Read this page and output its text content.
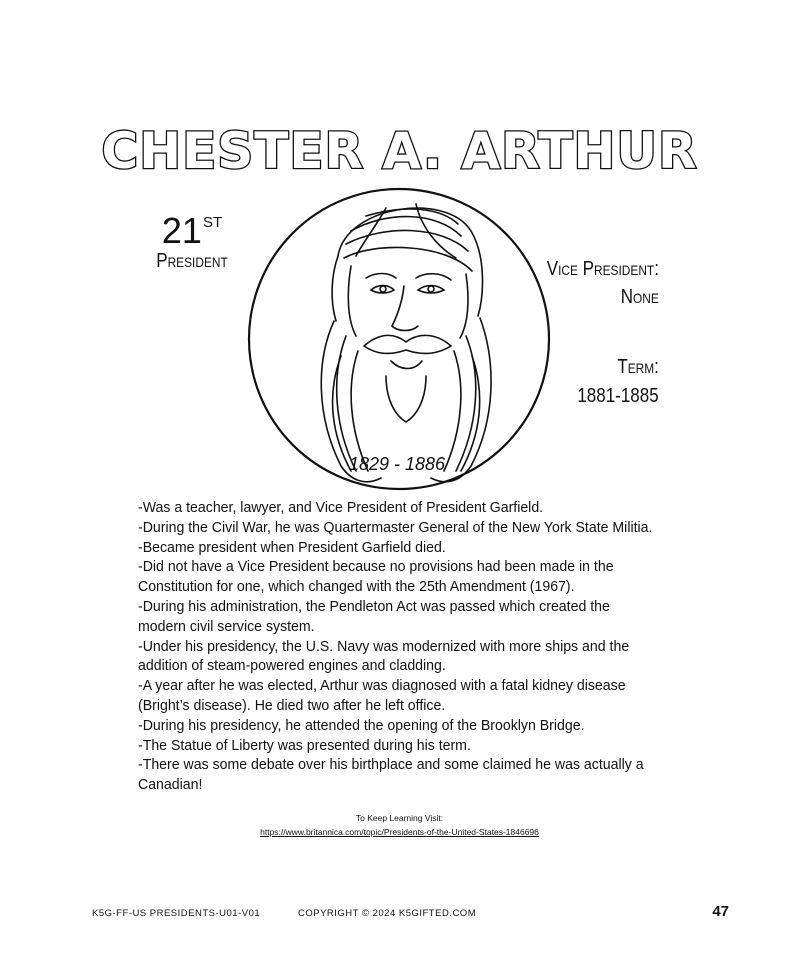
CHESTER A. ARTHUR
21ST
President
1829 - 1886
Vice President:
None
Term:
1881-1885
-Was a teacher, lawyer, and Vice President of President Garfield.
-During the Civil War, he was Quartermaster General of the New York State Militia.
-Became president when President Garfield died.
-Did not have a Vice President because no provisions had been made in the
Constitution for one, which changed with the 25th Amendment (1967).
-During his administration, the Pendleton Act was passed which created the
modern civil service system.
-Under his presidency, the U.S. Navy was modernized with more ships and the
addition of steam-powered engines and cladding.
-A year after he was elected, Arthur was diagnosed with a fatal kidney disease
(Bright’s disease). He died two after he left office.
-During his presidency, he attended the opening of the Brooklyn Bridge.
-The Statue of Liberty was presented during his term.
-There was some debate over his birthplace and some claimed he was actually a
Canadian!
To Keep Learning Visit:
https://www.britannica.com/topic/Presidents-of-the-United-States-1846696
K5G-FF-US PRESIDENTS-U01-V01	COPYRIGHT © 2024 K5GIFTED.COM	47
